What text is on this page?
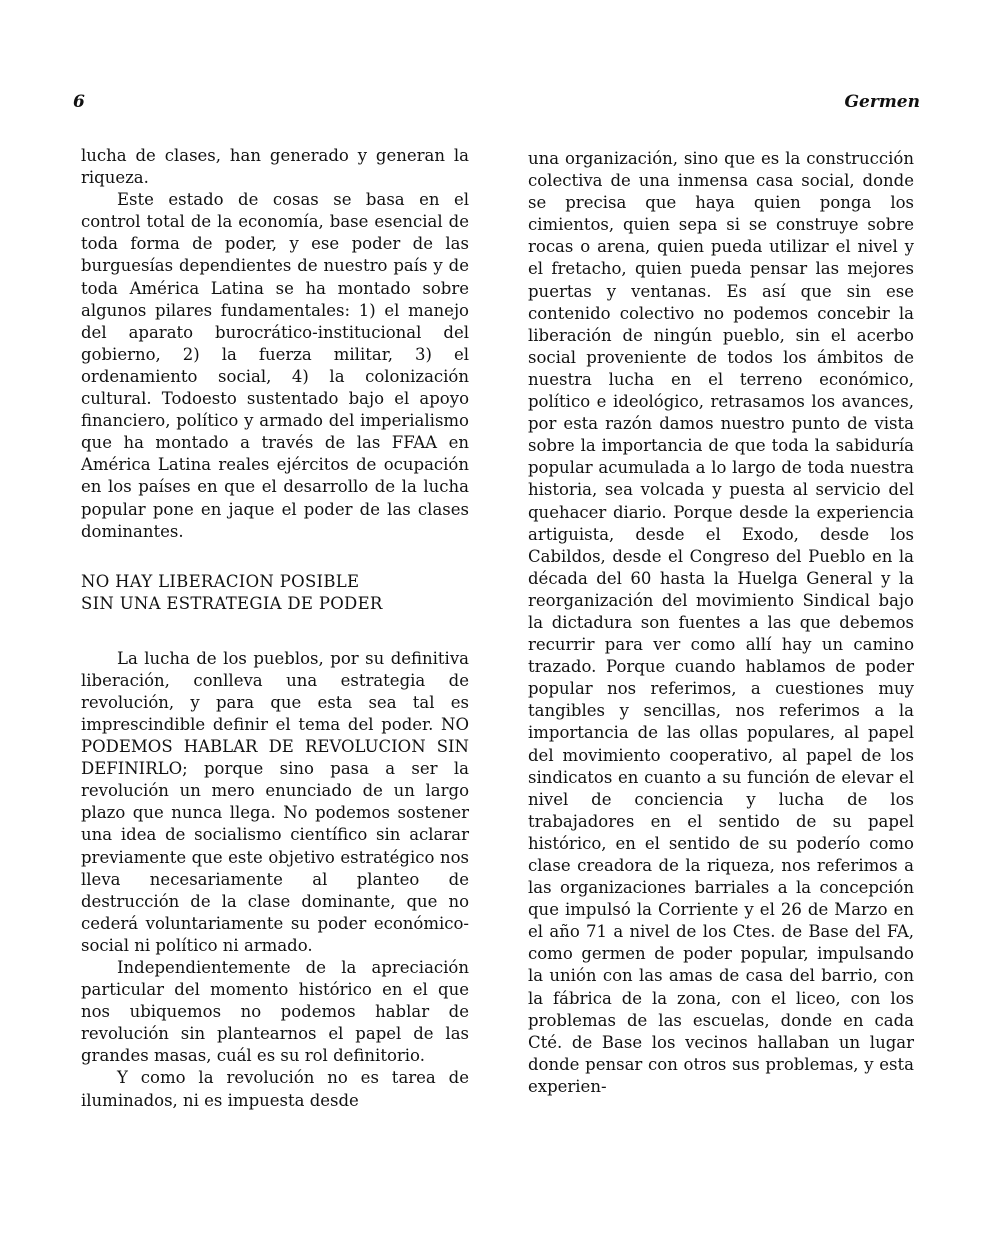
6	Germen

lucha de clases, han generado y generan la riqueza.

Este estado de cosas se basa en el control total de la economía, base esencial de toda forma de poder, y ese poder de las burguesías dependientes de nuestro país y de toda América Latina se ha montado sobre algunos pilares fundamentales: 1) el manejo del aparato burocrático-institucional del gobierno, 2) la fuerza militar, 3) el ordenamiento social, 4) la colonización cultural. Todoesto sustentado bajo el apoyo financiero, político y armado del imperialismo que ha montado a través de las FFAA en América Latina reales ejércitos de ocupación en los países en que el desarrollo de la lucha popular pone en jaque el poder de las clases dominantes.

NO HAY LIBERACION POSIBLE
SIN UNA ESTRATEGIA DE PODER

La lucha de los pueblos, por su definitiva liberación, conlleva una estrategia de revolución, y para que esta sea tal es imprescindible definir el tema del poder. NO PODEMOS HABLAR DE REVOLUCION SIN DEFINIRLO; porque sino pasa a ser la revolución un mero enunciado de un largo plazo que nunca llega. No podemos sostener una idea de socialismo científico sin aclarar previamente que este objetivo estratégico nos lleva necesariamente al planteo de destrucción de la clase dominante, que no cederá voluntariamente su poder económico-social ni político ni armado.

Independientemente de la apreciación particular del momento histórico en el que nos ubiquemos no podemos hablar de revolución sin plantearnos el papel de las grandes masas, cuál es su rol definitorio.

Y como la revolución no es tarea de iluminados, ni es impuesta desde

una organización, sino que es la construcción colectiva de una inmensa casa social, donde se precisa que haya quien ponga los cimientos, quien sepa si se construye sobre rocas o arena, quien pueda utilizar el nivel y el fretacho, quien pueda pensar las mejores puertas y ventanas. Es así que sin ese contenido colectivo no podemos concebir la liberación de ningún pueblo, sin el acerbo social proveniente de todos los ámbitos de nuestra lucha en el terreno económico, político e ideológico, retrasamos los avances, por esta razón damos nuestro punto de vista sobre la importancia de que toda la sabiduría popular acumulada a lo largo de toda nuestra historia, sea volcada y puesta al servicio del quehacer diario. Porque desde la experiencia artiguista, desde el Exodo, desde los Cabildos, desde el Congreso del Pueblo en la década del 60 hasta la Huelga General y la reorganización del movimiento Sindical bajo la dictadura son fuentes a las que debemos recurrir para ver como allí hay un camino trazado. Porque cuando hablamos de poder popular nos referimos, a cuestiones muy tangibles y sencillas, nos referimos a la importancia de las ollas populares, al papel del movimiento cooperativo, al papel de los sindicatos en cuanto a su función de elevar el nivel de conciencia y lucha de los trabajadores en el sentido de su papel histórico, en el sentido de su poderío como clase creadora de la riqueza, nos referimos a las organizaciones barriales a la concepción que impulsó la Corriente y el 26 de Marzo en el año 71 a nivel de los Ctes. de Base del FA, como germen de poder popular, impulsando la unión con las amas de casa del barrio, con la fábrica de la zona, con el liceo, con los problemas de las escuelas, donde en cada Cté. de Base los vecinos hallaban un lugar donde pensar con otros sus problemas, y esta experien-
